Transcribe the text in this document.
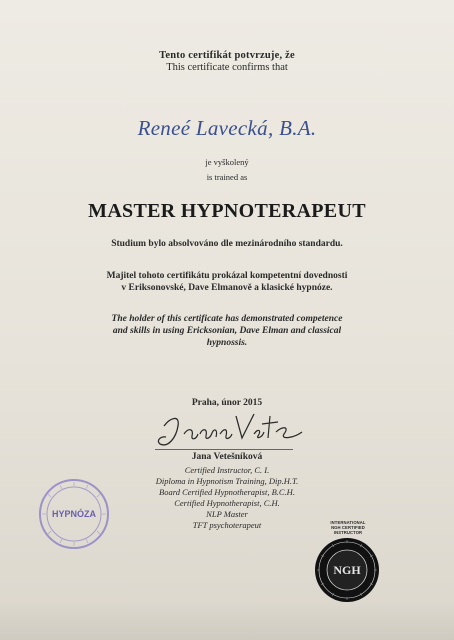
Tento certifikát potvrzuje, že
This certificate confirms that
Reneé Lavecká, B.A.
je vyškolený
is trained as
MASTER HYPNOTERAPEUT
Studium bylo absolvováno dle mezinárodního standardu.
Majitel tohoto certifikátu prokázal kompetentní dovednosti
v Eriksonovské, Dave Elmanově a klasické hypnóze.
The holder of this certificate has demonstrated competence
and skills in using Ericksonian, Dave Elman and classical
hypnossis.
Praha, únor 2015
Jana Vetešníková
Certified Instructor, C. I.
Diploma in Hypnotism Training, Dip.H.T.
Board Certified Hypnotherapist, B.C.H.
Certified Hypnotherapist, C.H.
NLP Master
TFT psychoterapeut
HYPNÓZA
INTERNATIONAL
NGH CERTIFIED
INSTRUCTOR
NGH
